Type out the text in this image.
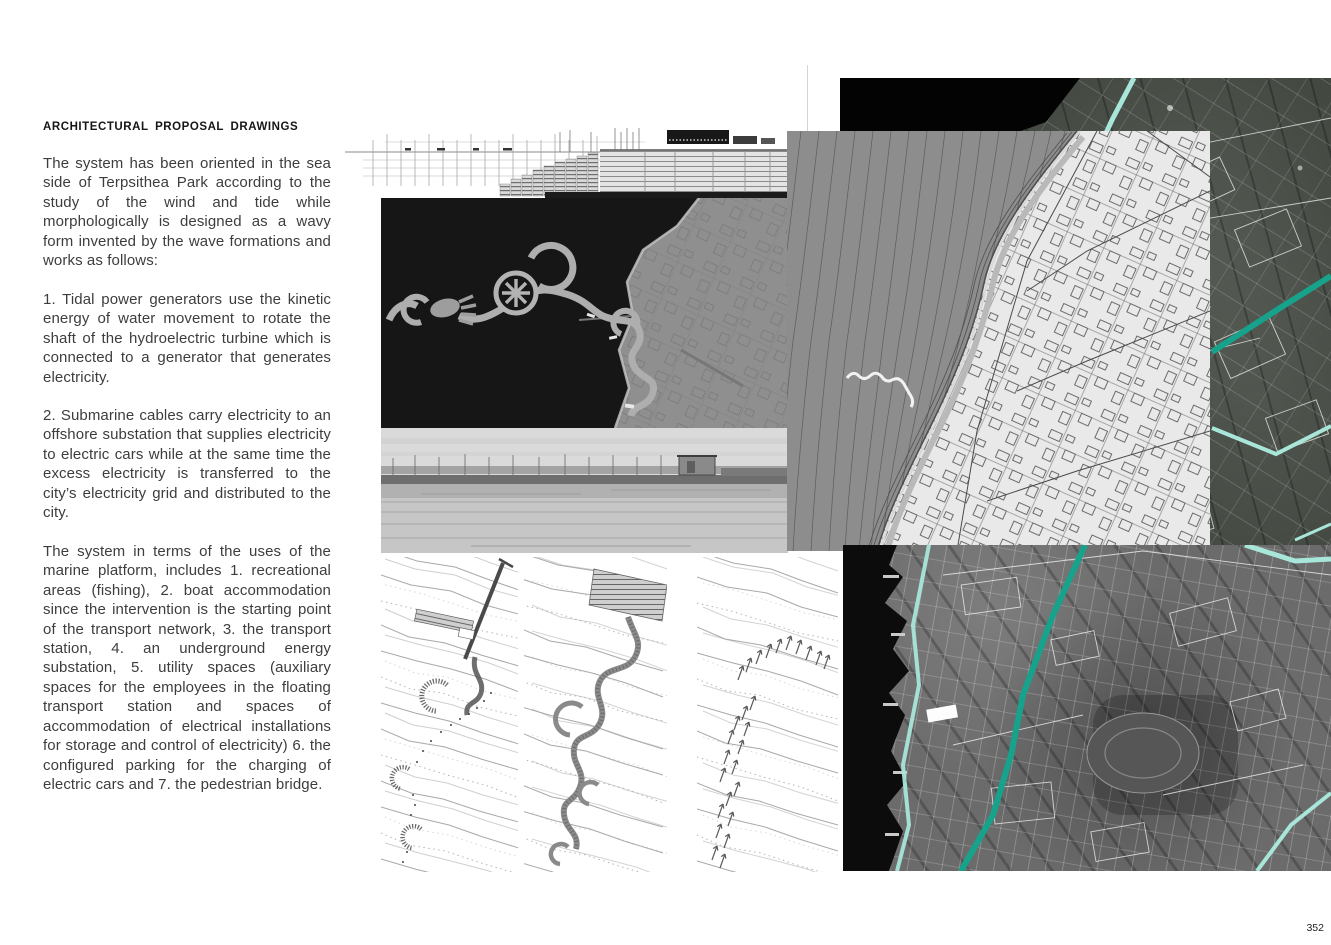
ARCHITECTURAL PROPOSAL DRAWINGS

The system has been oriented in the sea side of Terpsithea Park according to the study of the wind and tide while morphologically is designed as a wavy form invented by the wave formations and works as follows:

1. Tidal power generators use the kinetic energy of water movement to rotate the shaft of the hydroelectric turbine which is connected to a generator that generates electricity.

2. Submarine cables carry electricity to an offshore substation that supplies electricity to electric cars while at the same time the excess electricity is transferred to the city’s electricity grid and distributed to the city.

The system in terms of the uses of the marine platform, includes 1. recreational areas (fishing), 2. boat accommodation since the intervention is the starting point of the transport network, 3. the transport station, 4. an underground energy substation, 5. utility spaces (auxiliary spaces for the employees in the floating transport station and spaces of accommodation of electrical installations for storage and control of electricity) 6. the configured parking for the charging of electric cars and 7. the pedestrian bridge.

352
